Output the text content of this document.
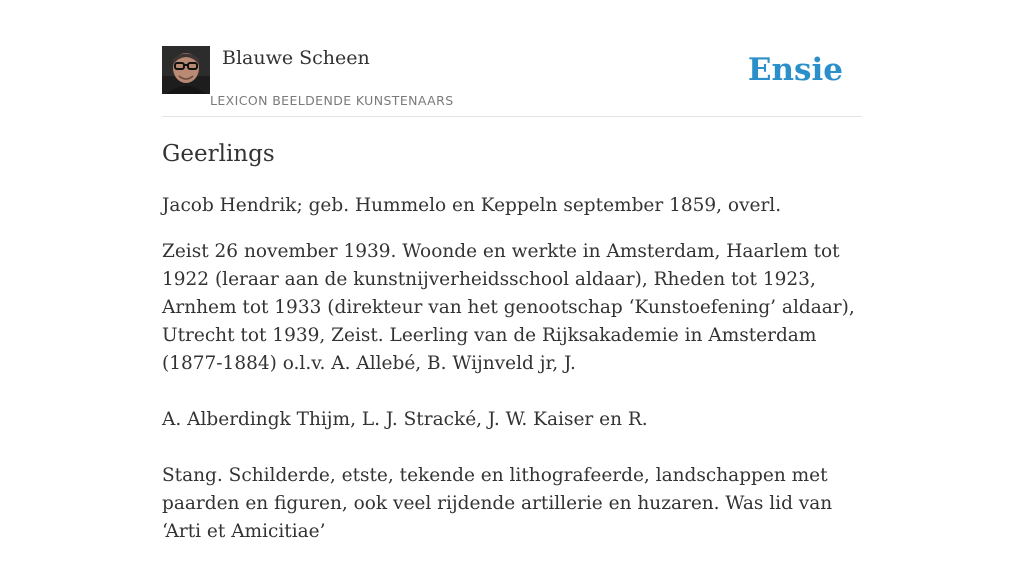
Blauwe Scheen
LEXICON BEELDENDE KUNSTENAARS
Ensie
Geerlings

Jacob Hendrik; geb. Hummelo en Keppeln september 1859, overl.

Zeist 26 november 1939. Woonde en werkte in Amsterdam, Haarlem tot 1922 (leraar aan de kunstnijverheidsschool aldaar), Rheden tot 1923, Arnhem tot 1933 (direkteur van het genootschap ‘Kunstoefening’ aldaar), Utrecht tot 1939, Zeist. Leerling van de Rijksakademie in Amsterdam (1877-1884) o.l.v. A. Allebé, B. Wijnveld jr, J.

A. Alberdingk Thijm, L. J. Stracké, J. W. Kaiser en R.

Stang. Schilderde, etste, tekende en lithografeerde, landschappen met paarden en figuren, ook veel rijdende artillerie en huzaren. Was lid van ‘Arti et Amicitiae’
